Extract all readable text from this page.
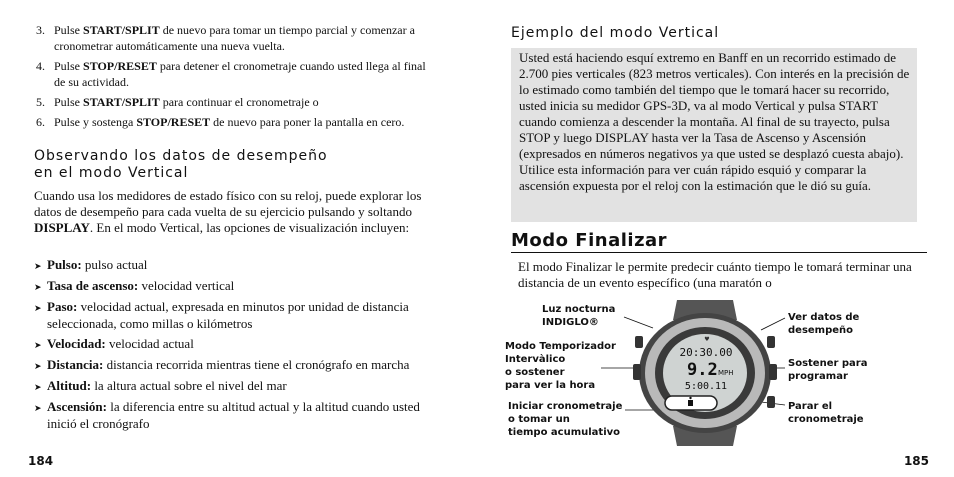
3. Pulse START/SPLIT de nuevo para tomar un tiempo parcial y comenzar a cronometrar automáticamente una nueva vuelta.
4. Pulse STOP/RESET para detener el cronometraje cuando usted llega al final de su actividad.
5. Pulse START/SPLIT para continuar el cronometraje o
6. Pulse y sostenga STOP/RESET de nuevo para poner la pantalla en cero.
Observando los datos de desempeño
en el modo Vertical
Cuando usa los medidores de estado físico con su reloj, puede explorar los datos de desempeño para cada vuelta de su ejercicio pulsando y soltando DISPLAY. En el modo Vertical, las opciones de visualización incluyen:
➤ Pulso: pulso actual
➤ Tasa de ascenso: velocidad vertical
➤ Paso: velocidad actual, expresada en minutos por unidad de distancia seleccionada, como millas o kilómetros
➤ Velocidad: velocidad actual
➤ Distancia: distancia recorrida mientras tiene el cronógrafo en marcha
➤ Altitud: la altura actual sobre el nivel del mar
➤ Ascensión: la diferencia entre su altitud actual y la altitud cuando usted inició el cronógrafo
184
Ejemplo del modo Vertical

Usted está haciendo esquí extremo en Banff en un recorrido estimado de 2.700 pies verticales (823 metros verticales). Con interés en la precisión de lo estimado como también del tiempo que le tomará hacer su recorrido, usted inicia su medidor GPS-3D, va al modo Vertical y pulsa START cuando comienza a descender la montaña. Al final de su trayecto, pulsa STOP y luego DISPLAY hasta ver la Tasa de Ascenso y Ascensión (expresados en números negativos ya que usted se desplazó cuesta abajo). Utilice esta información para ver cuán rápido esquió y comparar la ascensión expuesta por el reloj con la estimación que le dió su guía.

Modo Finalizar
El modo Finalizar le permite predecir cuánto tiempo le tomará terminar una distancia de un evento específico (una maratón o
Luz nocturna
INDIGLO®
Modo Temporizador
Intervàlico
o sostener
para ver la hora
Iniciar cronometraje
o tomar un
tiempo acumulativo
Ver datos de
desempeño
Sostener para
programar
Parar el
cronometraje
♥
20:30.00
9.2 MPH
5:00.11
185
